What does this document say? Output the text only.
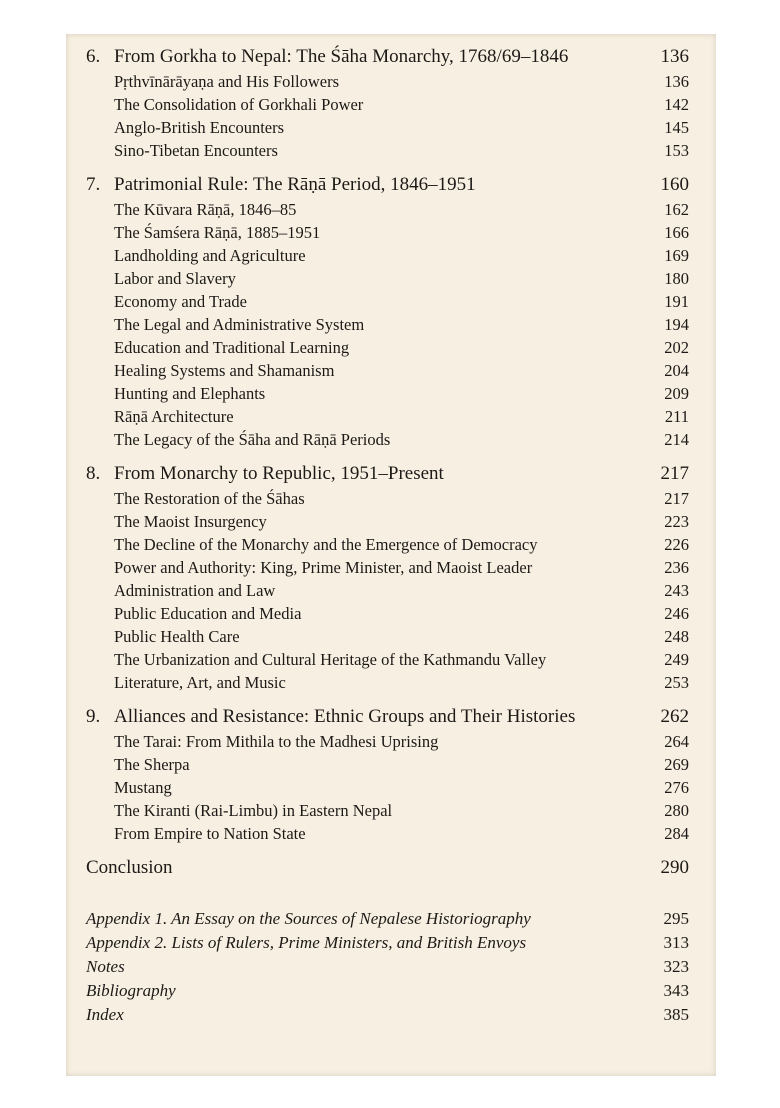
6. From Gorkha to Nepal: The Śāha Monarchy, 1768/69–1846	136
Pṛthvīnārāyaṇa and His Followers	136
The Consolidation of Gorkhali Power	142
Anglo-British Encounters	145
Sino-Tibetan Encounters	153
7. Patrimonial Rule: The Rāṇā Period, 1846–1951	160
The Kūvara Rāṇā, 1846–85	162
The Śamśera Rāṇā, 1885–1951	166
Landholding and Agriculture	169
Labor and Slavery	180
Economy and Trade	191
The Legal and Administrative System	194
Education and Traditional Learning	202
Healing Systems and Shamanism	204
Hunting and Elephants	209
Rāṇā Architecture	211
The Legacy of the Śāha and Rāṇā Periods	214
8. From Monarchy to Republic, 1951–Present	217
The Restoration of the Śāhas	217
The Maoist Insurgency	223
The Decline of the Monarchy and the Emergence of Democracy	226
Power and Authority: King, Prime Minister, and Maoist Leader	236
Administration and Law	243
Public Education and Media	246
Public Health Care	248
The Urbanization and Cultural Heritage of the Kathmandu Valley	249
Literature, Art, and Music	253
9. Alliances and Resistance: Ethnic Groups and Their Histories	262
The Tarai: From Mithila to the Madhesi Uprising	264
The Sherpa	269
Mustang	276
The Kiranti (Rai-Limbu) in Eastern Nepal	280
From Empire to Nation State	284
Conclusion	290
Appendix 1. An Essay on the Sources of Nepalese Historiography	295
Appendix 2. Lists of Rulers, Prime Ministers, and British Envoys	313
Notes	323
Bibliography	343
Index	385
